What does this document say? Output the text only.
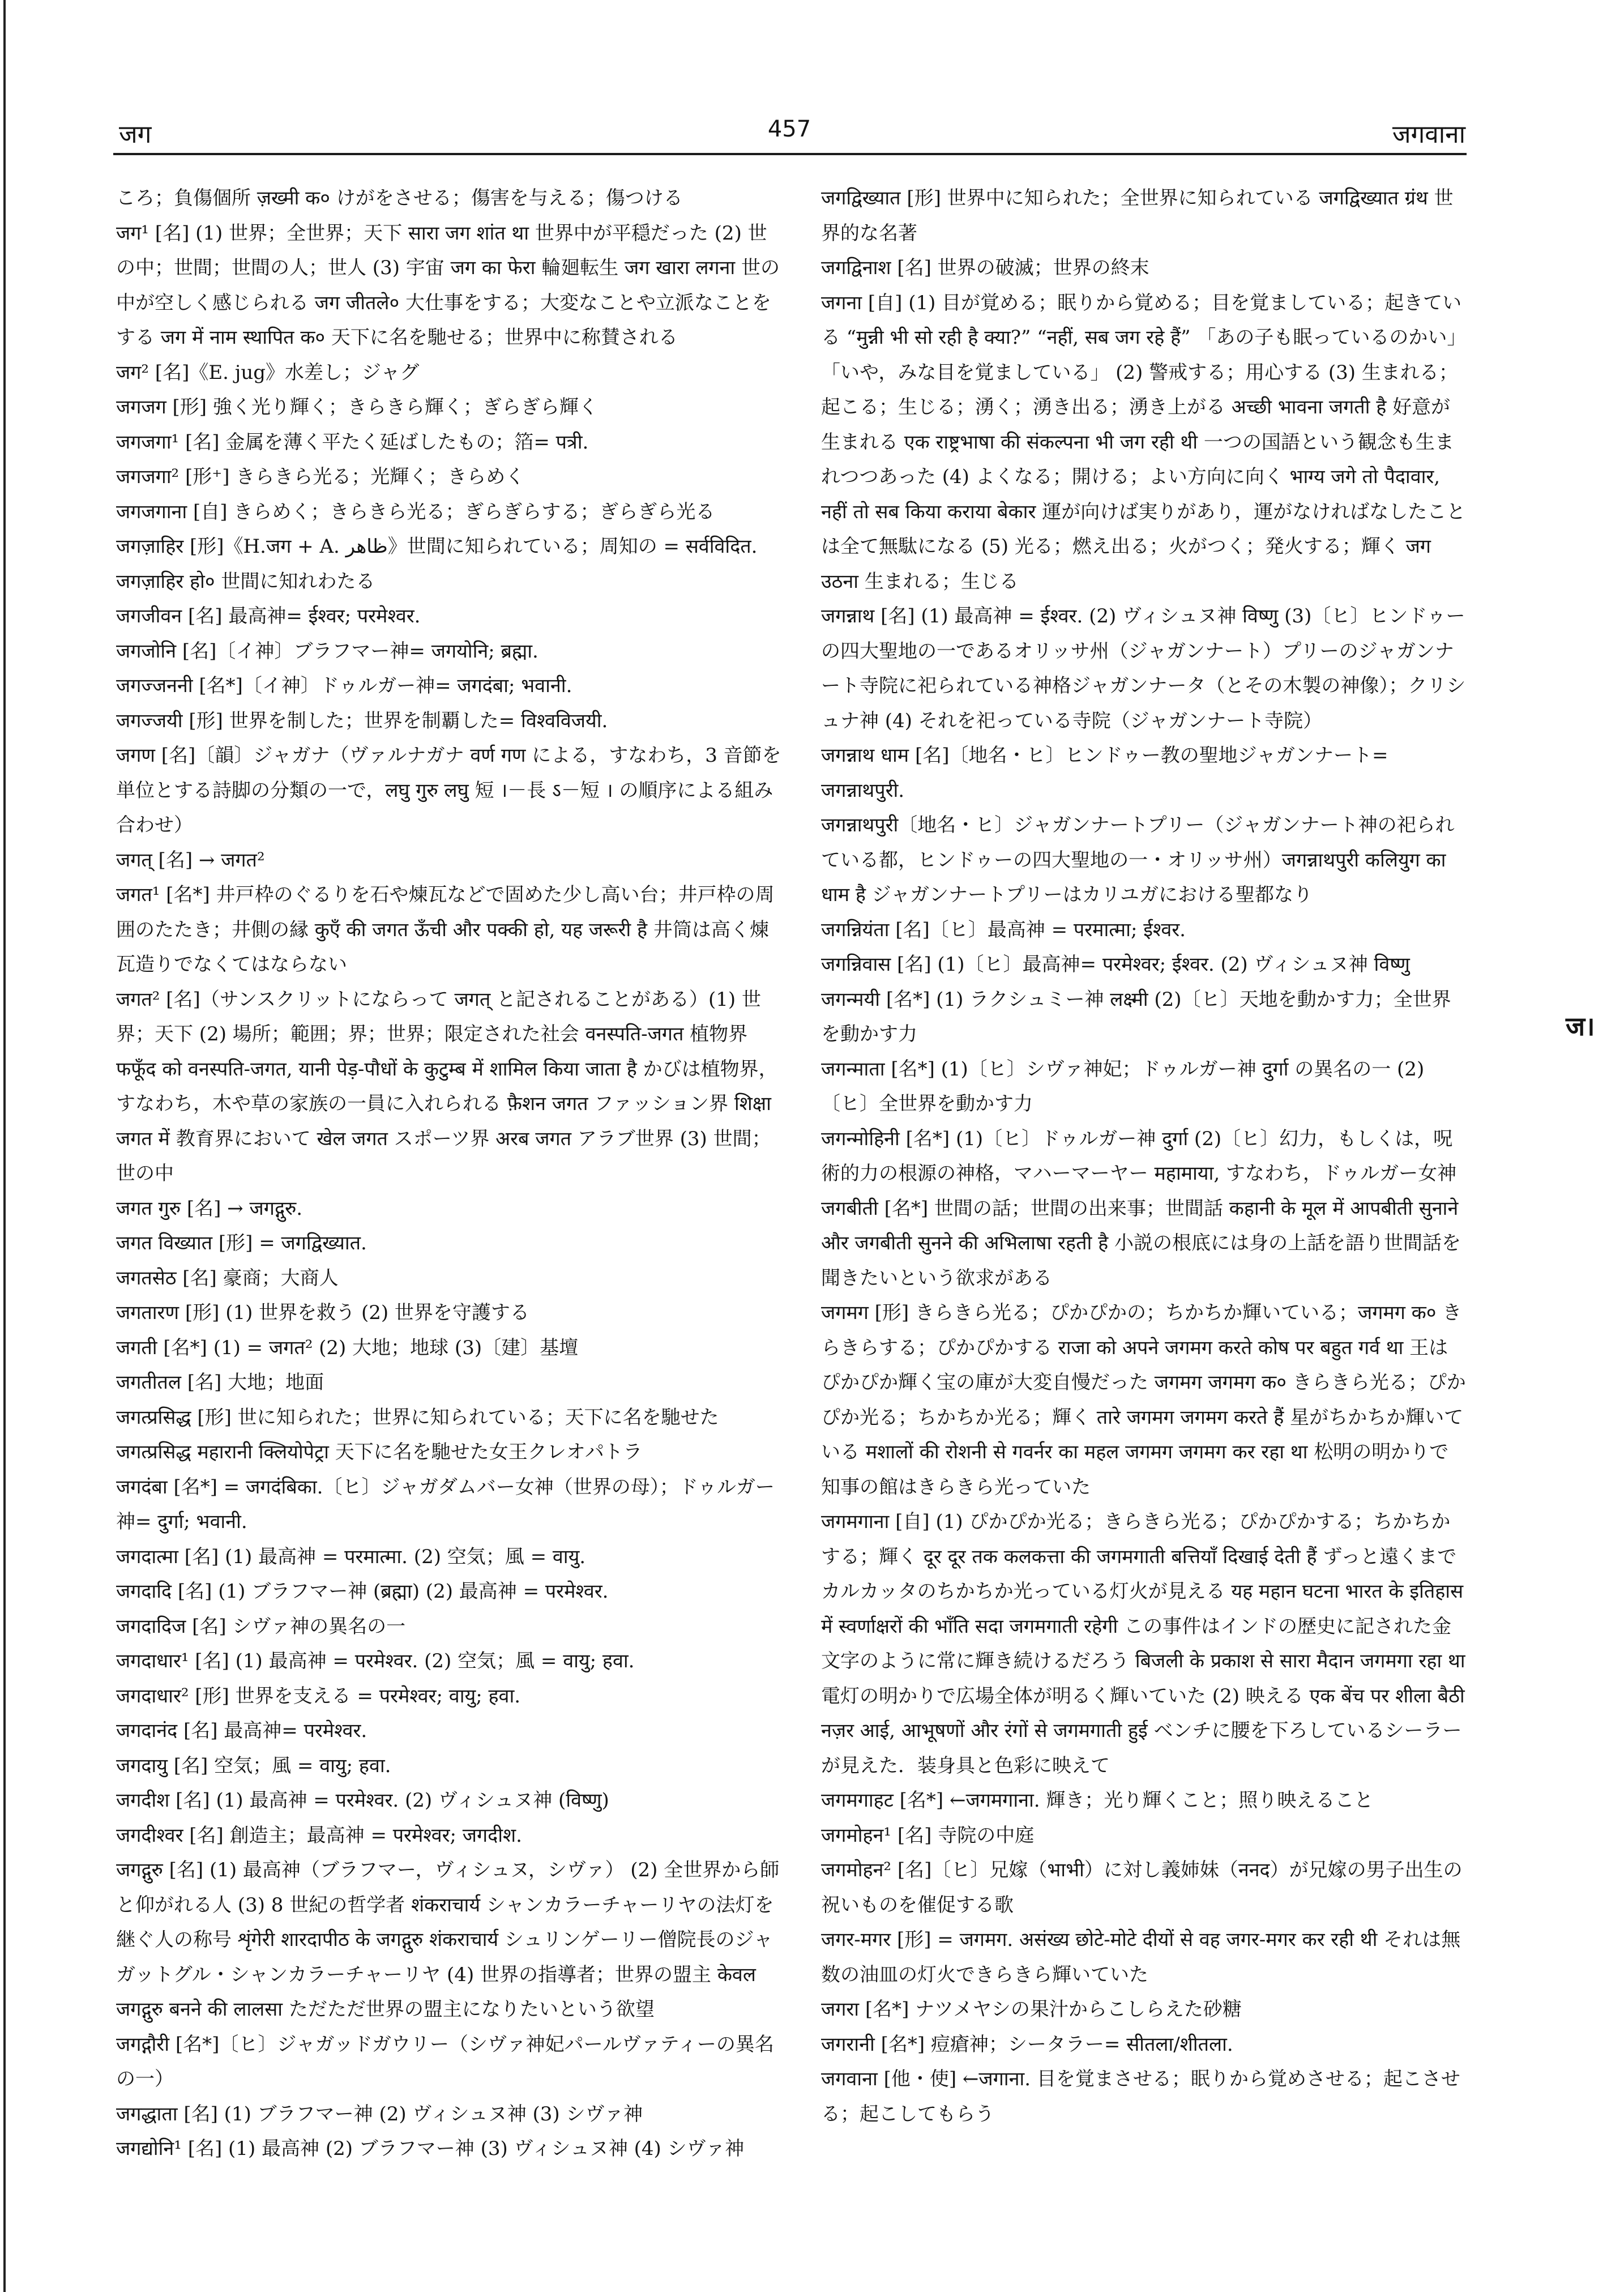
जग	457	जगवाना

ころ；負傷個所 ज़ख्मी क० けがをさせる；傷害を与える；傷つける

जग¹ [名] (1) 世界；全世界；天下 सारा जग शांत था 世界中が平穏だった (2) 世の中；世間；世間の人；世人 (3) 宇宙 जग का फेरा 輪廻転生 जग खारा लगना 世の中が空しく感じられる जग जीतले० 大仕事をする；大変なことや立派なことをする जग में नाम स्थापित क० 天下に名を馳せる；世界中に称賛される

जग² [名]《E. jug》水差し；ジャグ

जगजग [形] 強く光り輝く；きらきら輝く；ぎらぎら輝く

जगजगा¹ [名] 金属を薄く平たく延ばしたもの；箔= पत्री.

जगजगा² [形⁺] きらきら光る；光輝く；きらめく

जगजगाना [自] きらめく；きらきら光る；ぎらぎらする；ぎらぎら光る

जगज़ाहिर [形]《H.जग + A. ظاهر》世間に知られている；周知の = सर्वविदित. जगज़ाहिर हो० 世間に知れわたる

जगजीवन [名] 最高神= ईश्वर; परमेश्वर.

जगजोनि [名]〔イ神〕ブラフマー神= जगयोनि; ब्रह्मा.

जगज्जननी [名*]〔イ神〕ドゥルガー神= जगदंबा; भवानी.

जगज्जयी [形] 世界を制した；世界を制覇した= विश्वविजयी.

जगण [名]〔韻〕ジャガナ（ヴァルナガナ वर्ण गण による，すなわち，3 音節を単位とする詩脚の分類の一で，लघु गुरु लघु 短 ।－長 ऽ－短 । の順序による組み合わせ）

जगत् [名] → जगत²

जगत¹ [名*] 井戸枠のぐるりを石や煉瓦などで固めた少し高い台；井戸枠の周囲のたたき；井側の縁 कुएँ की जगत ऊँची और पक्की हो, यह जरूरी है 井筒は高く煉瓦造りでなくてはならない

जगत² [名]（サンスクリットにならって जगत् と記されることがある）(1) 世界；天下 (2) 場所；範囲；界；世界；限定された社会 वनस्पति-जगत 植物界 फफूँद को वनस्पति-जगत, यानी पेड़-पौधों के कुटुम्ब में शामिल किया जाता है かびは植物界，すなわち，木や草の家族の一員に入れられる फ़ैशन जगत ファッション界 शिक्षा जगत में 教育界において खेल जगत スポーツ界 अरब जगत アラブ世界 (3) 世間；世の中

जगत गुरु [名] → जगद्गुरु.

जगत विख्यात [形] = जगद्विख्यात.

जगतसेठ [名] 豪商；大商人

जगतारण [形] (1) 世界を救う (2) 世界を守護する

जगती [名*] (1) = जगत² (2) 大地；地球 (3)〔建〕基壇

जगतीतल [名] 大地；地面

जगत्प्रसिद्ध [形] 世に知られた；世界に知られている；天下に名を馳せた जगत्प्रसिद्ध महारानी क्लियोपेट्रा 天下に名を馳せた女王クレオパトラ

जगदंबा [名*] = जगदंबिका.〔ヒ〕ジャガダムバー女神（世界の母）；ドゥルガー神= दुर्गा; भवानी.

जगदात्मा [名] (1) 最高神 = परमात्मा. (2) 空気；風 = वायु.

जगदादि [名] (1) ブラフマー神 (ब्रह्मा) (2) 最高神 = परमेश्वर.

जगदादिज [名] シヴァ神の異名の一

जगदाधार¹ [名] (1) 最高神 = परमेश्वर. (2) 空気；風 = वायु; हवा.

जगदाधार² [形] 世界を支える = परमेश्वर; वायु; हवा.

जगदानंद [名] 最高神= परमेश्वर.

जगदायु [名] 空気；風 = वायु; हवा.

जगदीश [名] (1) 最高神 = परमेश्वर. (2) ヴィシュヌ神 (विष्णु)

जगदीश्वर [名] 創造主；最高神 = परमेश्वर; जगदीश.

जगद्गुरु [名] (1) 最高神（ブラフマー，ヴィシュヌ，シヴァ） (2) 全世界から師と仰がれる人 (3) 8 世紀の哲学者 शंकराचार्य シャンカラーチャーリヤの法灯を継ぐ人の称号 शृंगेरी शारदापीठ के जगद्गुरु शंकराचार्य シュリンゲーリー僧院長のジャガットグル・シャンカラーチャーリヤ (4) 世界の指導者；世界の盟主 केवल जगद्गुरु बनने की लालसा ただただ世界の盟主になりたいという欲望

जगद्गौरी [名*]〔ヒ〕ジャガッドガウリー（シヴァ神妃パールヴァティーの異名の一）

जगद्धाता [名] (1) ブラフマー神 (2) ヴィシュヌ神 (3) シヴァ神

जगद्योनि¹ [名] (1) 最高神 (2) ブラフマー神 (3) ヴィシュヌ神 (4) シヴァ神

जगद्विख्यात [形] 世界中に知られた；全世界に知られている जगद्विख्यात ग्रंथ 世界的な名著

जगद्विनाश [名] 世界の破滅；世界の終末

जगना [自] (1) 目が覚める；眠りから覚める；目を覚ましている；起きている “मुन्नी भी सो रही है क्या?” “नहीं, सब जग रहे हैं” 「あの子も眠っているのかい」「いや，みな目を覚ましている」 (2) 警戒する；用心する (3) 生まれる；起こる；生じる；湧く；湧き出る；湧き上がる अच्छी भावना जगती है 好意が生まれる एक राष्ट्रभाषा की संकल्पना भी जग रही थी 一つの国語という観念も生まれつつあった (4) よくなる；開ける；よい方向に向く भाग्य जगे तो पैदावार, नहीं तो सब किया कराया बेकार 運が向けば実りがあり，運がなければなしたことは全て無駄になる (5) 光る；燃え出る；火がつく；発火する；輝く जग उठना 生まれる；生じる

जगन्नाथ [名] (1) 最高神 = ईश्वर. (2) ヴィシュヌ神 विष्णु (3)〔ヒ〕ヒンドゥーの四大聖地の一であるオリッサ州（ジャガンナート）プリーのジャガンナート寺院に祀られている神格ジャガンナータ（とその木製の神像）；クリシュナ神 (4) それを祀っている寺院（ジャガンナート寺院）

जगन्नाथ धाम [名]〔地名・ヒ〕ヒンドゥー教の聖地ジャガンナート= जगन्नाथपुरी.

जगन्नाथपुरी〔地名・ヒ〕ジャガンナートプリー（ジャガンナート神の祀られている都，ヒンドゥーの四大聖地の一・オリッサ州）जगन्नाथपुरी कलियुग का धाम है ジャガンナートプリーはカリユガにおける聖都なり

जगन्नियंता [名]〔ヒ〕最高神 = परमात्मा; ईश्वर.

जगन्निवास [名] (1)〔ヒ〕最高神= परमेश्वर; ईश्वर. (2) ヴィシュヌ神 विष्णु

जगन्मयी [名*] (1) ラクシュミー神 लक्ष्मी (2)〔ヒ〕天地を動かす力；全世界を動かす力

जगन्माता [名*] (1)〔ヒ〕シヴァ神妃；ドゥルガー神 दुर्गा の異名の一 (2)〔ヒ〕全世界を動かす力

जगन्मोहिनी [名*] (1)〔ヒ〕ドゥルガー神 दुर्गा (2)〔ヒ〕幻力，もしくは，呪術的力の根源の神格，マハーマーヤー महामाया, すなわち，ドゥルガー女神

जगबीती [名*] 世間の話；世間の出来事；世間話 कहानी के मूल में आपबीती सुनाने और जगबीती सुनने की अभिलाषा रहती है 小説の根底には身の上話を語り世間話を聞きたいという欲求がある

जगमग [形] きらきら光る；ぴかぴかの；ちかちか輝いている；जगमग क० きらきらする；ぴかぴかする राजा को अपने जगमग करते कोष पर बहुत गर्व था 王はぴかぴか輝く宝の庫が大変自慢だった जगमग जगमग क० きらきら光る；ぴかぴか光る；ちかちか光る；輝く तारे जगमग जगमग करते हैं 星がちかちか輝いている मशालों की रोशनी से गवर्नर का महल जगमग जगमग कर रहा था 松明の明かりで知事の館はきらきら光っていた

जगमगाना [自] (1) ぴかぴか光る；きらきら光る；ぴかぴかする；ちかちかする；輝く दूर दूर तक कलकत्ता की जगमगाती बत्तियाँ दिखाई देती हैं ずっと遠くまでカルカッタのちかちか光っている灯火が見える यह महान घटना भारत के इतिहास में स्वर्णाक्षरों की भाँति सदा जगमगाती रहेगी この事件はインドの歴史に記された金文字のように常に輝き続けるだろう बिजली के प्रकाश से सारा मैदान जगमगा रहा था 電灯の明かりで広場全体が明るく輝いていた (2) 映える एक बेंच पर शीला बैठी नज़र आई, आभूषणों और रंगों से जगमगाती हुई ベンチに腰を下ろしているシーラーが見えた．装身具と色彩に映えて

जगमगाहट [名*] ←जगमगाना. 輝き；光り輝くこと；照り映えること

जगमोहन¹ [名] 寺院の中庭

जगमोहन² [名]〔ヒ〕兄嫁（भाभी）に対し義姉妹（ननद）が兄嫁の男子出生の祝いものを催促する歌

जगर-मगर [形] = जगमग. असंख्य छोटे-मोटे दीयों से वह जगर-मगर कर रही थी それは無数の油皿の灯火できらきら輝いていた

जगरा [名*] ナツメヤシの果汁からこしらえた砂糖

जगरानी [名*] 痘瘡神；シータラー= सीतला/शीतला.

जगवाना [他・使] ←जगाना. 目を覚まさせる；眠りから覚めさせる；起こさせる；起こしてもらう

ज।
